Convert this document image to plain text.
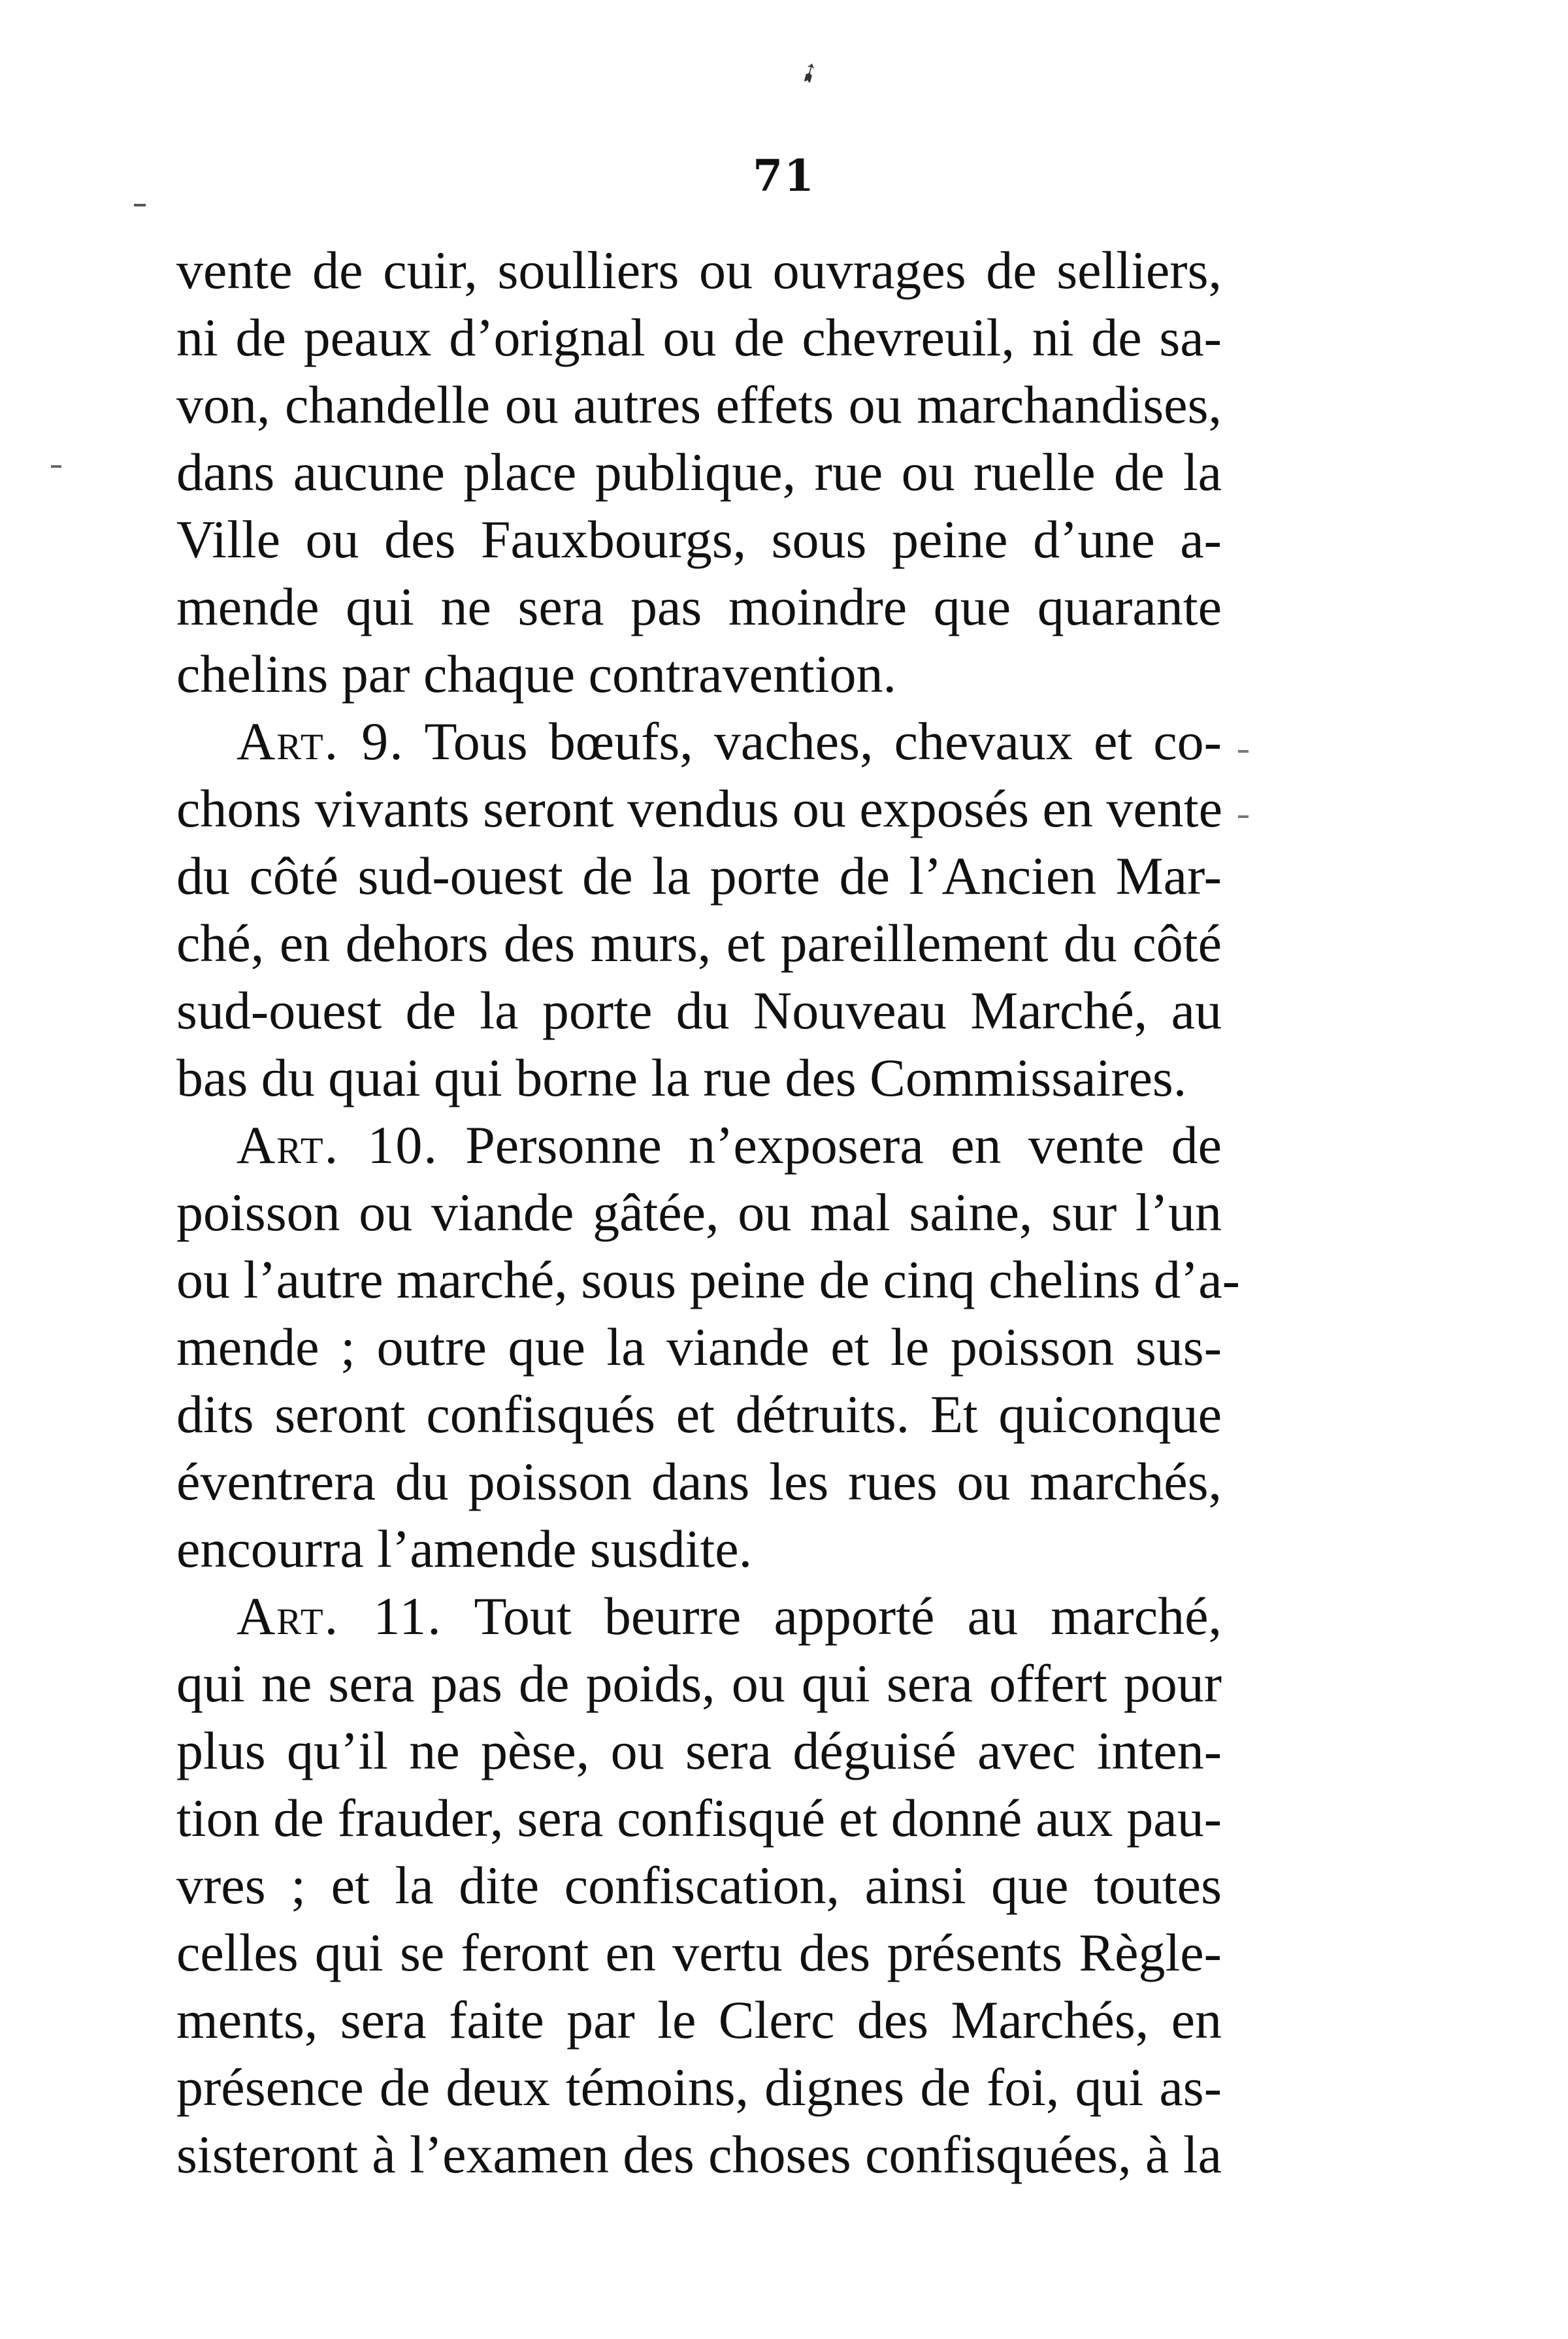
➹
71
vente de cuir, soulliers ou ouvrages de selliers,
ni de peaux d’orignal ou de chevreuil, ni de sa-
von, chandelle ou autres effets ou marchandises,
dans aucune place publique, rue ou ruelle de la
Ville ou des Fauxbourgs, sous peine d’une a-
mende qui ne sera pas moindre que quarante
chelins par chaque contravention.
Art. 9. Tous bœufs, vaches, chevaux et co-
chons vivants seront vendus ou exposés en vente
du côté sud-ouest de la porte de l’Ancien Mar-
ché, en dehors des murs, et pareillement du côté
sud-ouest de la porte du Nouveau Marché, au
bas du quai qui borne la rue des Commissaires.
Art. 10. Personne n’exposera en vente de
poisson ou viande gâtée, ou mal saine, sur l’un
ou l’autre marché, sous peine de cinq chelins d’a-
mende ; outre que la viande et le poisson sus-
dits seront confisqués et détruits. Et quiconque
éventrera du poisson dans les rues ou marchés,
encourra l’amende susdite.
Art. 11. Tout beurre apporté au marché,
qui ne sera pas de poids, ou qui sera offert pour
plus qu’il ne pèse, ou sera déguisé avec inten-
tion de frauder, sera confisqué et donné aux pau-
vres ; et la dite confiscation, ainsi que toutes
celles qui se feront en vertu des présents Règle-
ments, sera faite par le Clerc des Marchés, en
présence de deux témoins, dignes de foi, qui as-
sisteront à l’examen des choses confisquées, à la
